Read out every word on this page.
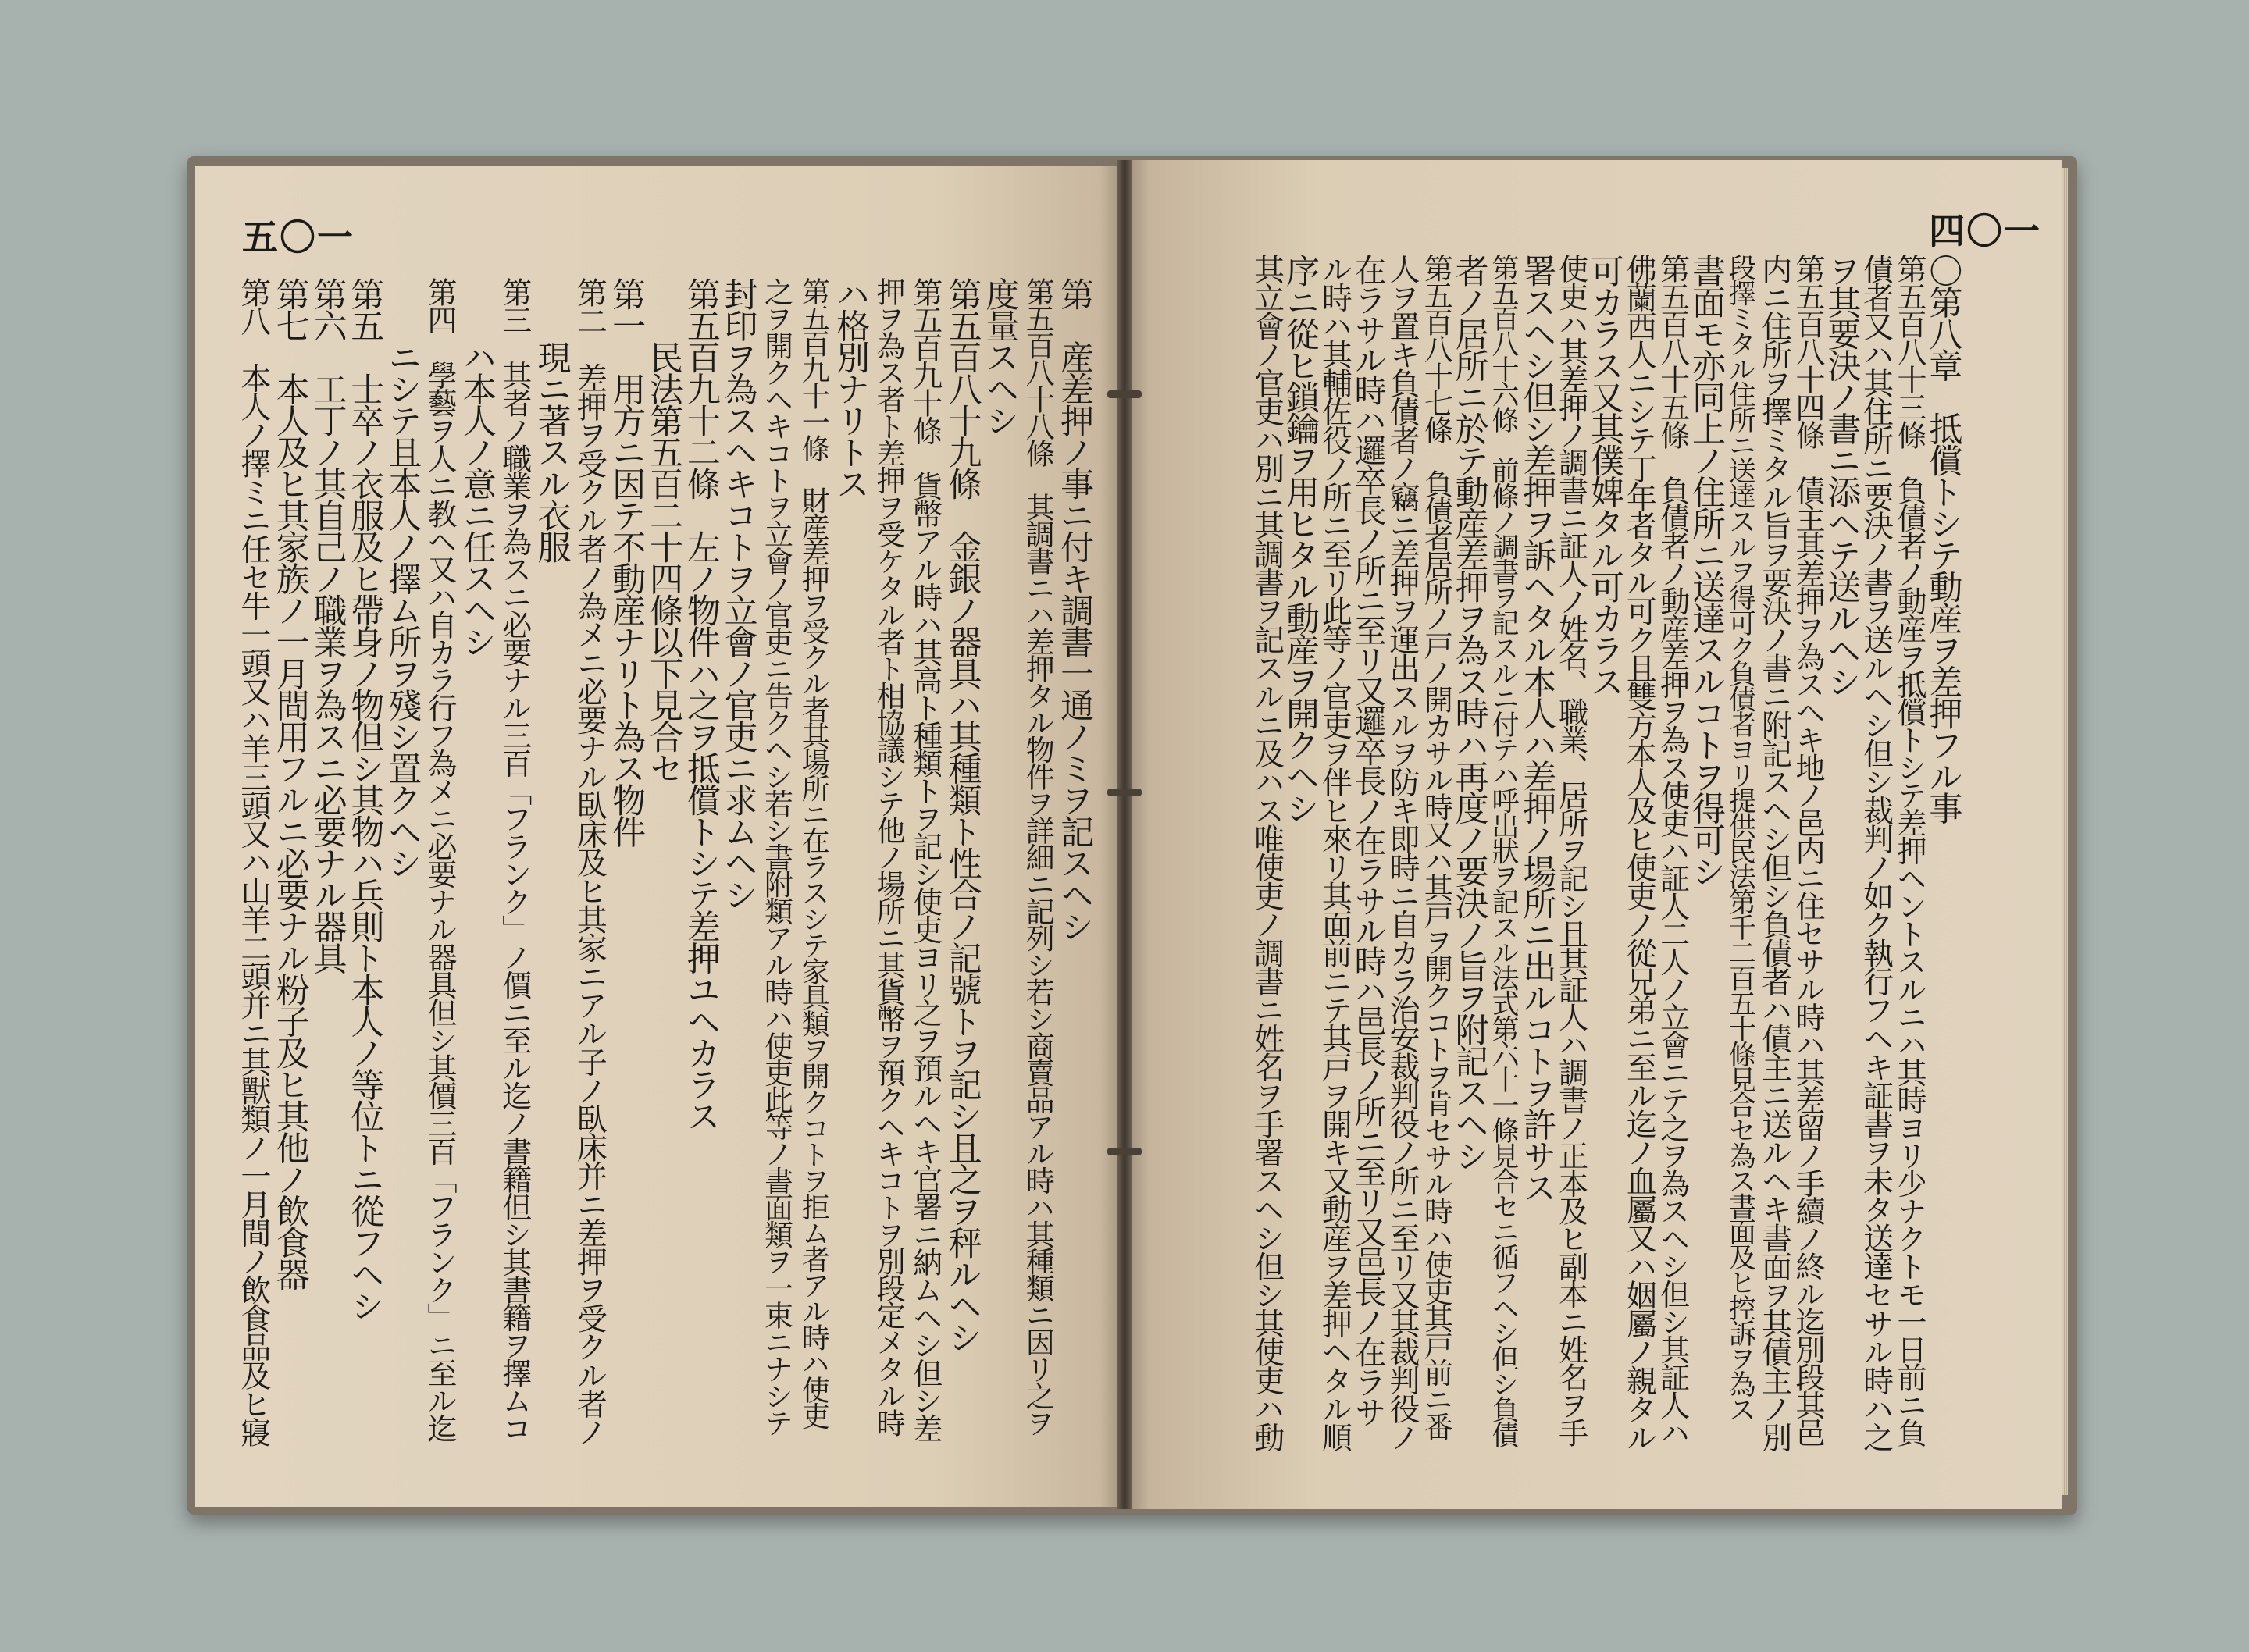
五〇一	四〇一
第　産差押ノ事ニ付キ調書一通ノミヲ記スヘシ
第五百八十八條　其調書ニハ差押タル物件ヲ詳細ニ記列シ若シ商賣品アル時ハ其種類ニ因リ之ヲ
度量スヘシ
第五百八十九條　金銀ノ器具ハ其種類ト性合ノ記號トヲ記シ且之ヲ秤ルヘシ
第五百九十條　貨幣アル時ハ其高ト種類トヲ記シ使吏ヨリ之ヲ預ルヘキ官署ニ納ムヘシ但シ差
押ヲ為ス者ト差押ヲ受ケタル者ト相協議シテ他ノ場所ニ其貨幣ヲ預クヘキコトヲ別段定メタル時
ハ格別ナリトス
第五百九十一條　財産差押ヲ受クル者其場所ニ在ラスシテ家具類ヲ開クコトヲ拒ム者アル時ハ使吏
之ヲ開クヘキコトヲ立會ノ官吏ニ告クヘシ若シ書附類アル時ハ使吏此等ノ書面類ヲ一束ニナシテ
封印ヲ為スヘキコトヲ立會ノ官吏ニ求ムヘシ
第五百九十二條　左ノ物件ハ之ヲ抵償トシテ差押ユヘカラス
　　民法第五百二十四條以下見合セ
第一　用方ニ因テ不動産ナリト為ス物件
第二　差押ヲ受クル者ノ為メニ必要ナル臥床及ヒ其家ニアル子ノ臥床并ニ差押ヲ受クル者ノ
　　現ニ著スル衣服
第三　其者ノ職業ヲ為スニ必要ナル三百「フランク」ノ價ニ至ル迄ノ書籍但シ其書籍ヲ擇ムコ
　　ハ本人ノ意ニ任スヘシ
第四　學藝ヲ人ニ教ヘ又ハ自カラ行フ為メニ必要ナル器具但シ其價三百「フランク」ニ至ル迄
　　ニシテ且本人ノ擇ム所ヲ殘シ置クヘシ
第五　士卒ノ衣服及ヒ帶身ノ物但シ其物ハ兵則ト本人ノ等位トニ從フヘシ
第六　工丁ノ其自己ノ職業ヲ為スニ必要ナル器具
第七　本人及ヒ其家族ノ一月間用フルニ必要ナル粉子及ヒ其他ノ飲食器
第八　本人ノ擇ミニ任セ牛一頭又ハ羊三頭又ハ山羊二頭并ニ其獸類ノ一月間ノ飲食品及ヒ寢	〇第八章　抵償トシテ動産ヲ差押フル事
第五百八十三條　負債者ノ動産ヲ抵償トシテ差押ヘントスルニハ其時ヨリ少ナクトモ一日前ニ負
債者又ハ其住所ニ要決ノ書ヲ送ルヘシ但シ裁判ノ如ク執行フヘキ証書ヲ未タ送達セサル時ハ之
ヲ其要決ノ書ニ添ヘテ送ルヘシ
第五百八十四條　債主其差押ヲ為スヘキ地ノ邑内ニ住セサル時ハ其差留ノ手續ノ終ル迄別段其邑
内ニ住所ヲ擇ミタル旨ヲ要決ノ書ニ附記スヘシ但シ負債者ハ債主ニ送ルヘキ書面ヲ其債主ノ別
段擇ミタル住所ニ送達スルヲ得可ク負債者ヨリ提供民法第千二百五十條見合セ為ス書面及ヒ控訴ヲ為ス
書面モ亦同上ノ住所ニ送達スルコトヲ得可シ
第五百八十五條　負債者ノ動産差押ヲ為ス使吏ハ証人二人ノ立會ニテ之ヲ為スヘシ但シ其証人ハ
佛蘭西人ニシテ丁年者タル可ク且雙方本人及ヒ使吏ノ從兄弟ニ至ル迄ノ血屬又ハ姻屬ノ親タル
可カラス又其僕婢タル可カラス
使吏ハ其差押ノ調書ニ証人ノ姓名、職業、居所ヲ記シ且其証人ハ調書ノ正本及ヒ副本ニ姓名ヲ手
署スヘシ但シ差押ヲ訴ヘタル本人ハ差押ノ場所ニ出ルコトヲ許サス
第五百八十六條　前條ノ調書ヲ記スルニ付テハ呼出狀ヲ記スル法式第六十一條見合セニ循フヘシ但シ負債
者ノ居所ニ於テ動産差押ヲ為ス時ハ再度ノ要決ノ旨ヲ附記スヘシ
第五百八十七條　負債者居所ノ戸ノ開カサル時又ハ其戸ヲ開クコトヲ肯セサル時ハ使吏其戸前ニ番
人ヲ置キ負債者ノ竊ニ差押ヲ運出スルヲ防キ即時ニ自カラ治安裁判役ノ所ニ至リ又其裁判役ノ
在ラサル時ハ邏卒長ノ所ニ至リ又邏卒長ノ在ラサル時ハ邑長ノ所ニ至リ又邑長ノ在ラサ
ル時ハ其輔佐役ノ所ニ至リ此等ノ官吏ヲ伴ヒ來リ其面前ニテ其戸ヲ開キ又動産ヲ差押ヘタル順
序ニ從ヒ鎖鑰ヲ用ヒタル動産ヲ開クヘシ
其立會ノ官吏ハ別ニ其調書ヲ記スルニ及ハス唯使吏ノ調書ニ姓名ヲ手署スヘシ但シ其使吏ハ動
